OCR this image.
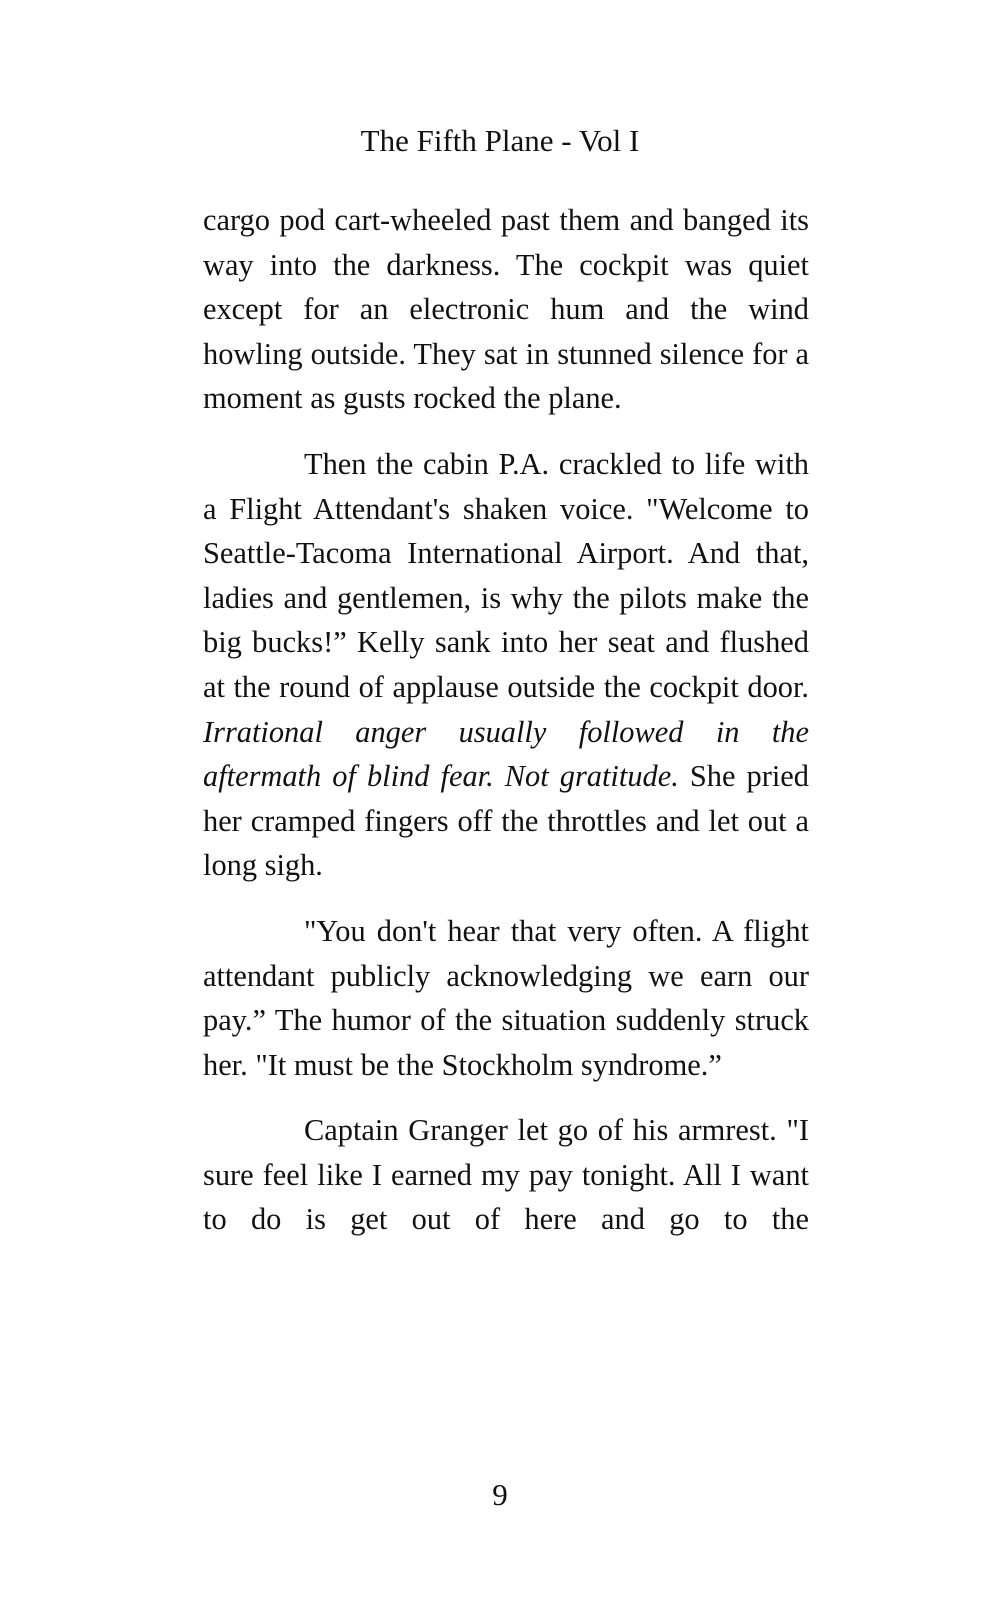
The Fifth Plane - Vol I

cargo pod cart-wheeled past them and banged its way into the darkness. The cockpit was quiet except for an electronic hum and the wind howling outside. They sat in stunned silence for a moment as gusts rocked the plane.

Then the cabin P.A. crackled to life with a Flight Attendant's shaken voice. "Welcome to Seattle-Tacoma International Airport. And that, ladies and gentlemen, is why the pilots make the big bucks!” Kelly sank into her seat and flushed at the round of applause outside the cockpit door. Irrational anger usually followed in the aftermath of blind fear. Not gratitude. She pried her cramped fingers off the throttles and let out a long sigh.

"You don't hear that very often. A flight attendant publicly acknowledging we earn our pay.” The humor of the situation suddenly struck her. "It must be the Stockholm syndrome.”

Captain Granger let go of his armrest. "I sure feel like I earned my pay tonight. All I want to do is get out of here and go to the

9
